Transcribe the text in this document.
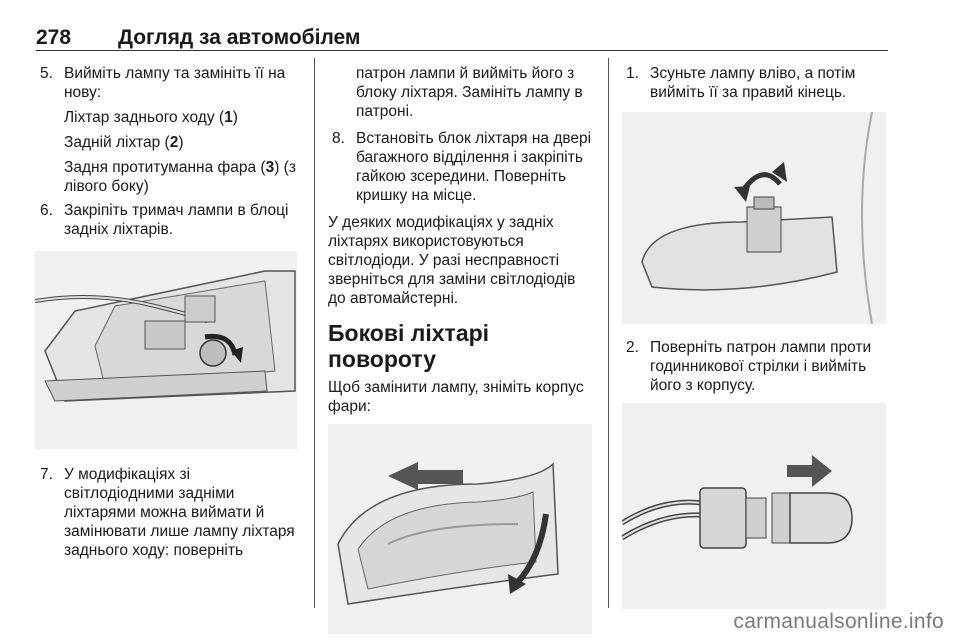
278 Догляд за автомобілем
5. Вийміть лампу та замініть її на нову:
Ліхтар заднього ходу (1)
Задній ліхтар (2)
Задня протитуманна фара (3) (з лівого боку)
6. Закріпіть тримач лампи в блоці задніх ліхтарів.
7. У модифікаціях зі світлодіодними задніми ліхтарями можна виймати й замінювати лише лампу ліхтаря заднього ходу: поверніть
патрон лампи й вийміть його з блоку ліхтаря. Замініть лампу в патроні.
8. Встановіть блок ліхтаря на двері багажного відділення і закріпіть гайкою зсередини. Поверніть кришку на місце.
У деяких модифікаціях у задніх ліхтарях використовуються світлодіоди. У разі несправності зверніться для заміни світлодіодів до автомайстерні.
Бокові ліхтарі повороту
Щоб замінити лампу, зніміть корпус фари:
1. Зсуньте лампу вліво, а потім вийміть її за правий кінець.
2. Поверніть патрон лампи проти годинникової стрілки і вийміть його з корпусу.
carmanualsonline.info
